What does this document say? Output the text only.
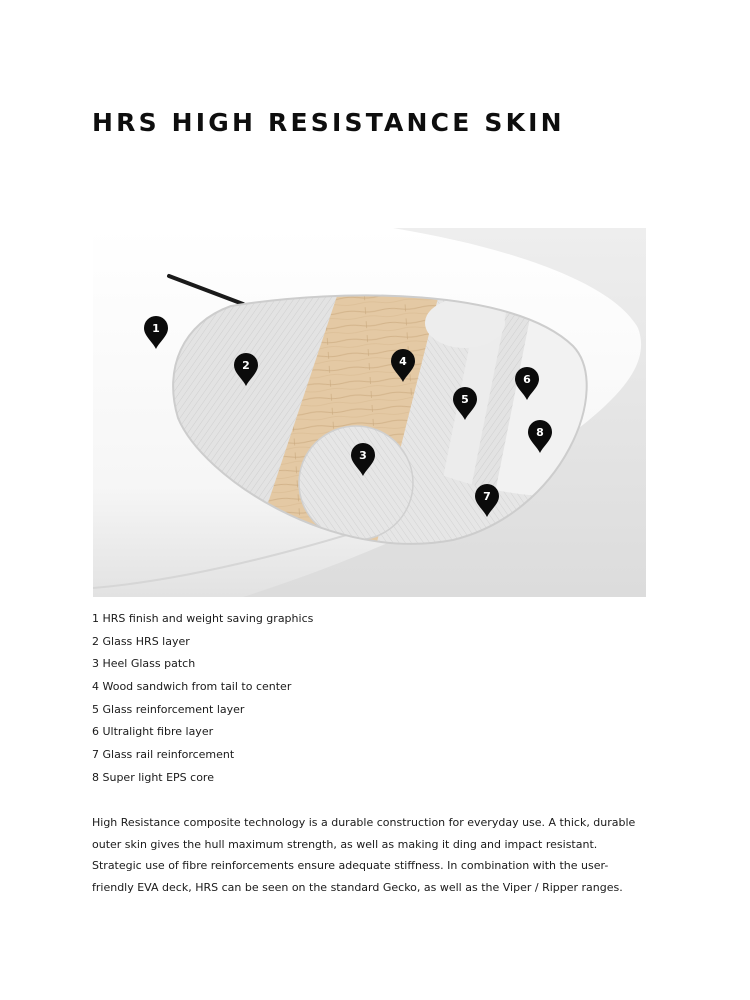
HRS HIGH RESISTANCE SKIN
1
2
3
4
5
6
7
8
1 HRS finish and weight saving graphics
2 Glass HRS layer
3 Heel Glass patch
4 Wood sandwich from tail to center
5 Glass reinforcement layer
6 Ultralight fibre layer
7 Glass rail reinforcement
8 Super light EPS core

High Resistance composite technology is a durable construction for everyday use. A thick, durable
outer skin gives the hull maximum strength, as well as making it ding and impact resistant.
Strategic use of fibre reinforcements ensure adequate stiffness. In combination with the user-
friendly EVA deck, HRS can be seen on the standard Gecko, as well as the Viper / Ripper ranges.
